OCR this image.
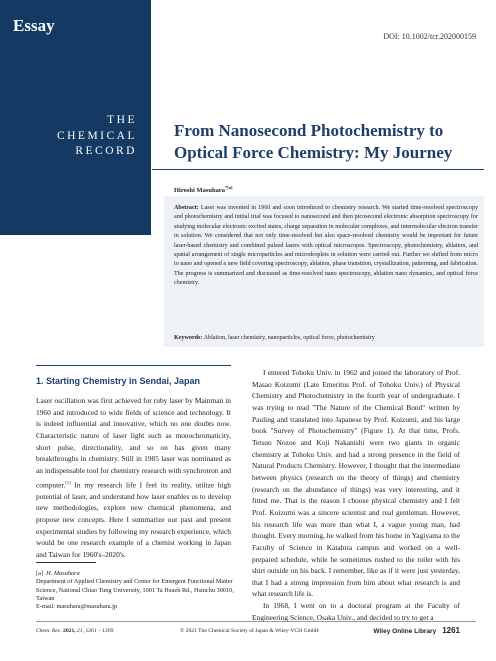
Essay
THE
CHEMICAL
RECORD
DOI: 10.1002/tcr.202000159
From Nanosecond Photochemistry to
Optical Force Chemistry: My Journey
Hiroshi Masuhara$^{*[a]}$
Abstract: Laser was invented in 1960 and soon introduced to chemistry research. We started time-resolved spectroscopy and photochemistry and initial trial was focused to nanosecond and then picosecond electronic absorption spectroscopy for studying molecular electronic excited states, charge separation in molecular complexes, and intermolecular electron transfer in solution. We considered that not only time-resolved but also space-resolved chemistry would be important for future laser-based chemistry and combined pulsed lasers with optical microscopes. Spectroscopy, photochemistry, ablation, and spatial arrangement of single microparticles and microdroplets in solution were carried out. Further we shifted from micro to nano and opened a new field covering spectroscopy, ablation, phase transition, crystallization, patterning, and fabrication. The progress is summarized and discussed as time-resolved nano spectroscopy, ablation nano dynamics, and optical force chemistry.
Keywords: Ablation, laser chemistry, nanoparticles, optical force, photochemistry
1. Starting Chemistry in Sendai, Japan

Laser oscillation was first achieved for ruby laser by Mainman in 1960 and introduced to wide fields of science and technology. It is indeed influential and innovative, which no one doubts now. Characteristic nature of laser light such as monochromaticity, short pulse, directionality, and so on has given many breakthroughs in chemistry. Still in 1985 laser was nominated as an indispensable tool for chemistry research with synchrotron and computer.[1] In my research life I feel its reality, utilize high potential of laser, and understand how laser enables us to develop new methodologies, explore new chemical phenomena, and propose new concepts. Here I summarize our past and present experimental studies by following my research experience, which would be one research example of a chemist working in Japan and Taiwan for 1960's–2020's.

I entered Tohoku Univ. in 1962 and joined the laboratory of Prof. Masao Koizumi (Late Emeritus Prof. of Tohoku Univ.) of Physical Chemistry and Photochemistry in the fourth year of undergraduate. I was trying to read "The Nature of the Chemical Bond" written by Pauling and translated into Japanese by Prof. Koizumi, and his large book "Survey of Photochemistry" (Figure 1). At that time, Profs. Tetsuo Nozoe and Koji Nakanishi were two giants in organic chemistry at Tohoku Univ. and had a strong presence in the field of Natural Products Chemistry. However, I thought that the intermediate between physics (research on the theory of things) and chemistry (research on the abundance of things) was very interesting, and it fitted me. That is the reason I choose physical chemistry and I felt Prof. Koizumi was a sincere scientist and real gentleman. However, his research life was more than what I, a vague young man, had thought. Every morning, he walked from his home in Yagiyama to the Faculty of Science in Katahira campus and worked on a well-prepared schedule, while he sometimes rushed to the toilet with his shirt outside on his back. I remember, like as if it were just yesterday, that I had a strong impression from him about what research is and what research life is.

In 1968, I went on to a doctoral program at the Faculty of Engineering Science, Osaka Univ., and decided to try to get a

[a] H. Masuhara
Department of Applied Chemistry and Center for Emergent Functional Matter Science, National Chiao Tung University, 1001 Ta Hsueh Rd., Hsinchu 30010, Taiwan
E-mail: masuhara@masuhara.jp
Chem. Rec. 2021, 21, 1261 – 1269	© 2021 The Chemical Society of Japan & Wiley-VCH GmbH	Wiley Online Library 1261
